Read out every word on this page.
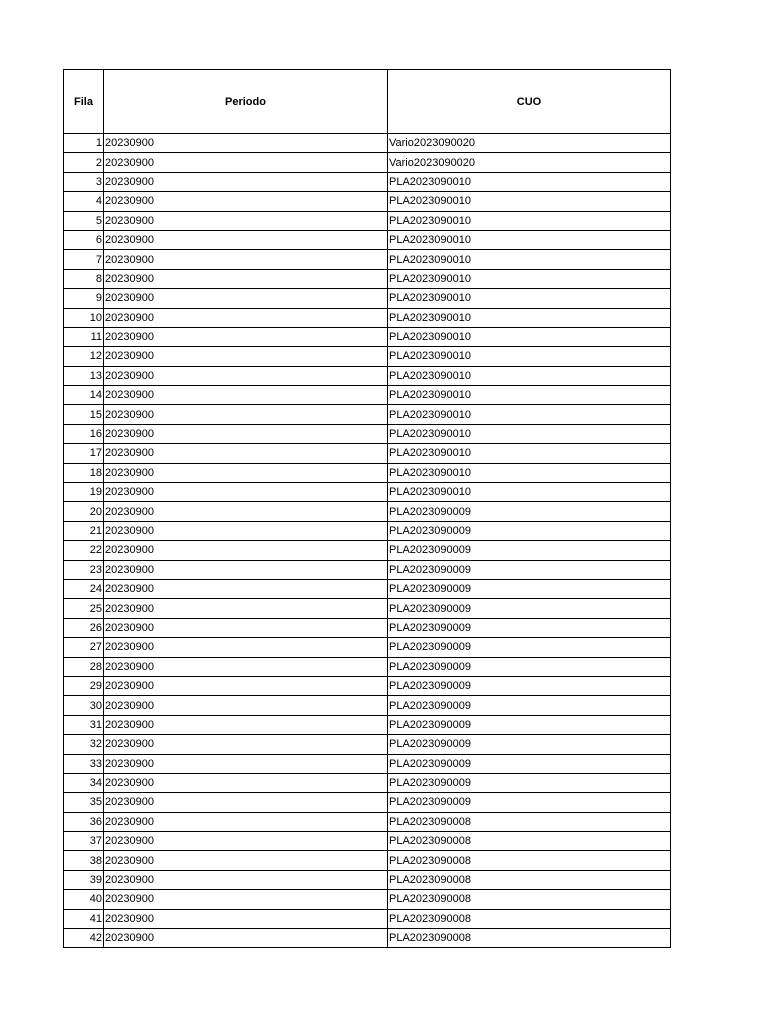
Fila	Periodo	CUO
1	20230900	Vario2023090020
2	20230900	Vario2023090020
3	20230900	PLA2023090010
4	20230900	PLA2023090010
5	20230900	PLA2023090010
6	20230900	PLA2023090010
7	20230900	PLA2023090010
8	20230900	PLA2023090010
9	20230900	PLA2023090010
10	20230900	PLA2023090010
11	20230900	PLA2023090010
12	20230900	PLA2023090010
13	20230900	PLA2023090010
14	20230900	PLA2023090010
15	20230900	PLA2023090010
16	20230900	PLA2023090010
17	20230900	PLA2023090010
18	20230900	PLA2023090010
19	20230900	PLA2023090010
20	20230900	PLA2023090009
21	20230900	PLA2023090009
22	20230900	PLA2023090009
23	20230900	PLA2023090009
24	20230900	PLA2023090009
25	20230900	PLA2023090009
26	20230900	PLA2023090009
27	20230900	PLA2023090009
28	20230900	PLA2023090009
29	20230900	PLA2023090009
30	20230900	PLA2023090009
31	20230900	PLA2023090009
32	20230900	PLA2023090009
33	20230900	PLA2023090009
34	20230900	PLA2023090009
35	20230900	PLA2023090009
36	20230900	PLA2023090008
37	20230900	PLA2023090008
38	20230900	PLA2023090008
39	20230900	PLA2023090008
40	20230900	PLA2023090008
41	20230900	PLA2023090008
42	20230900	PLA2023090008
